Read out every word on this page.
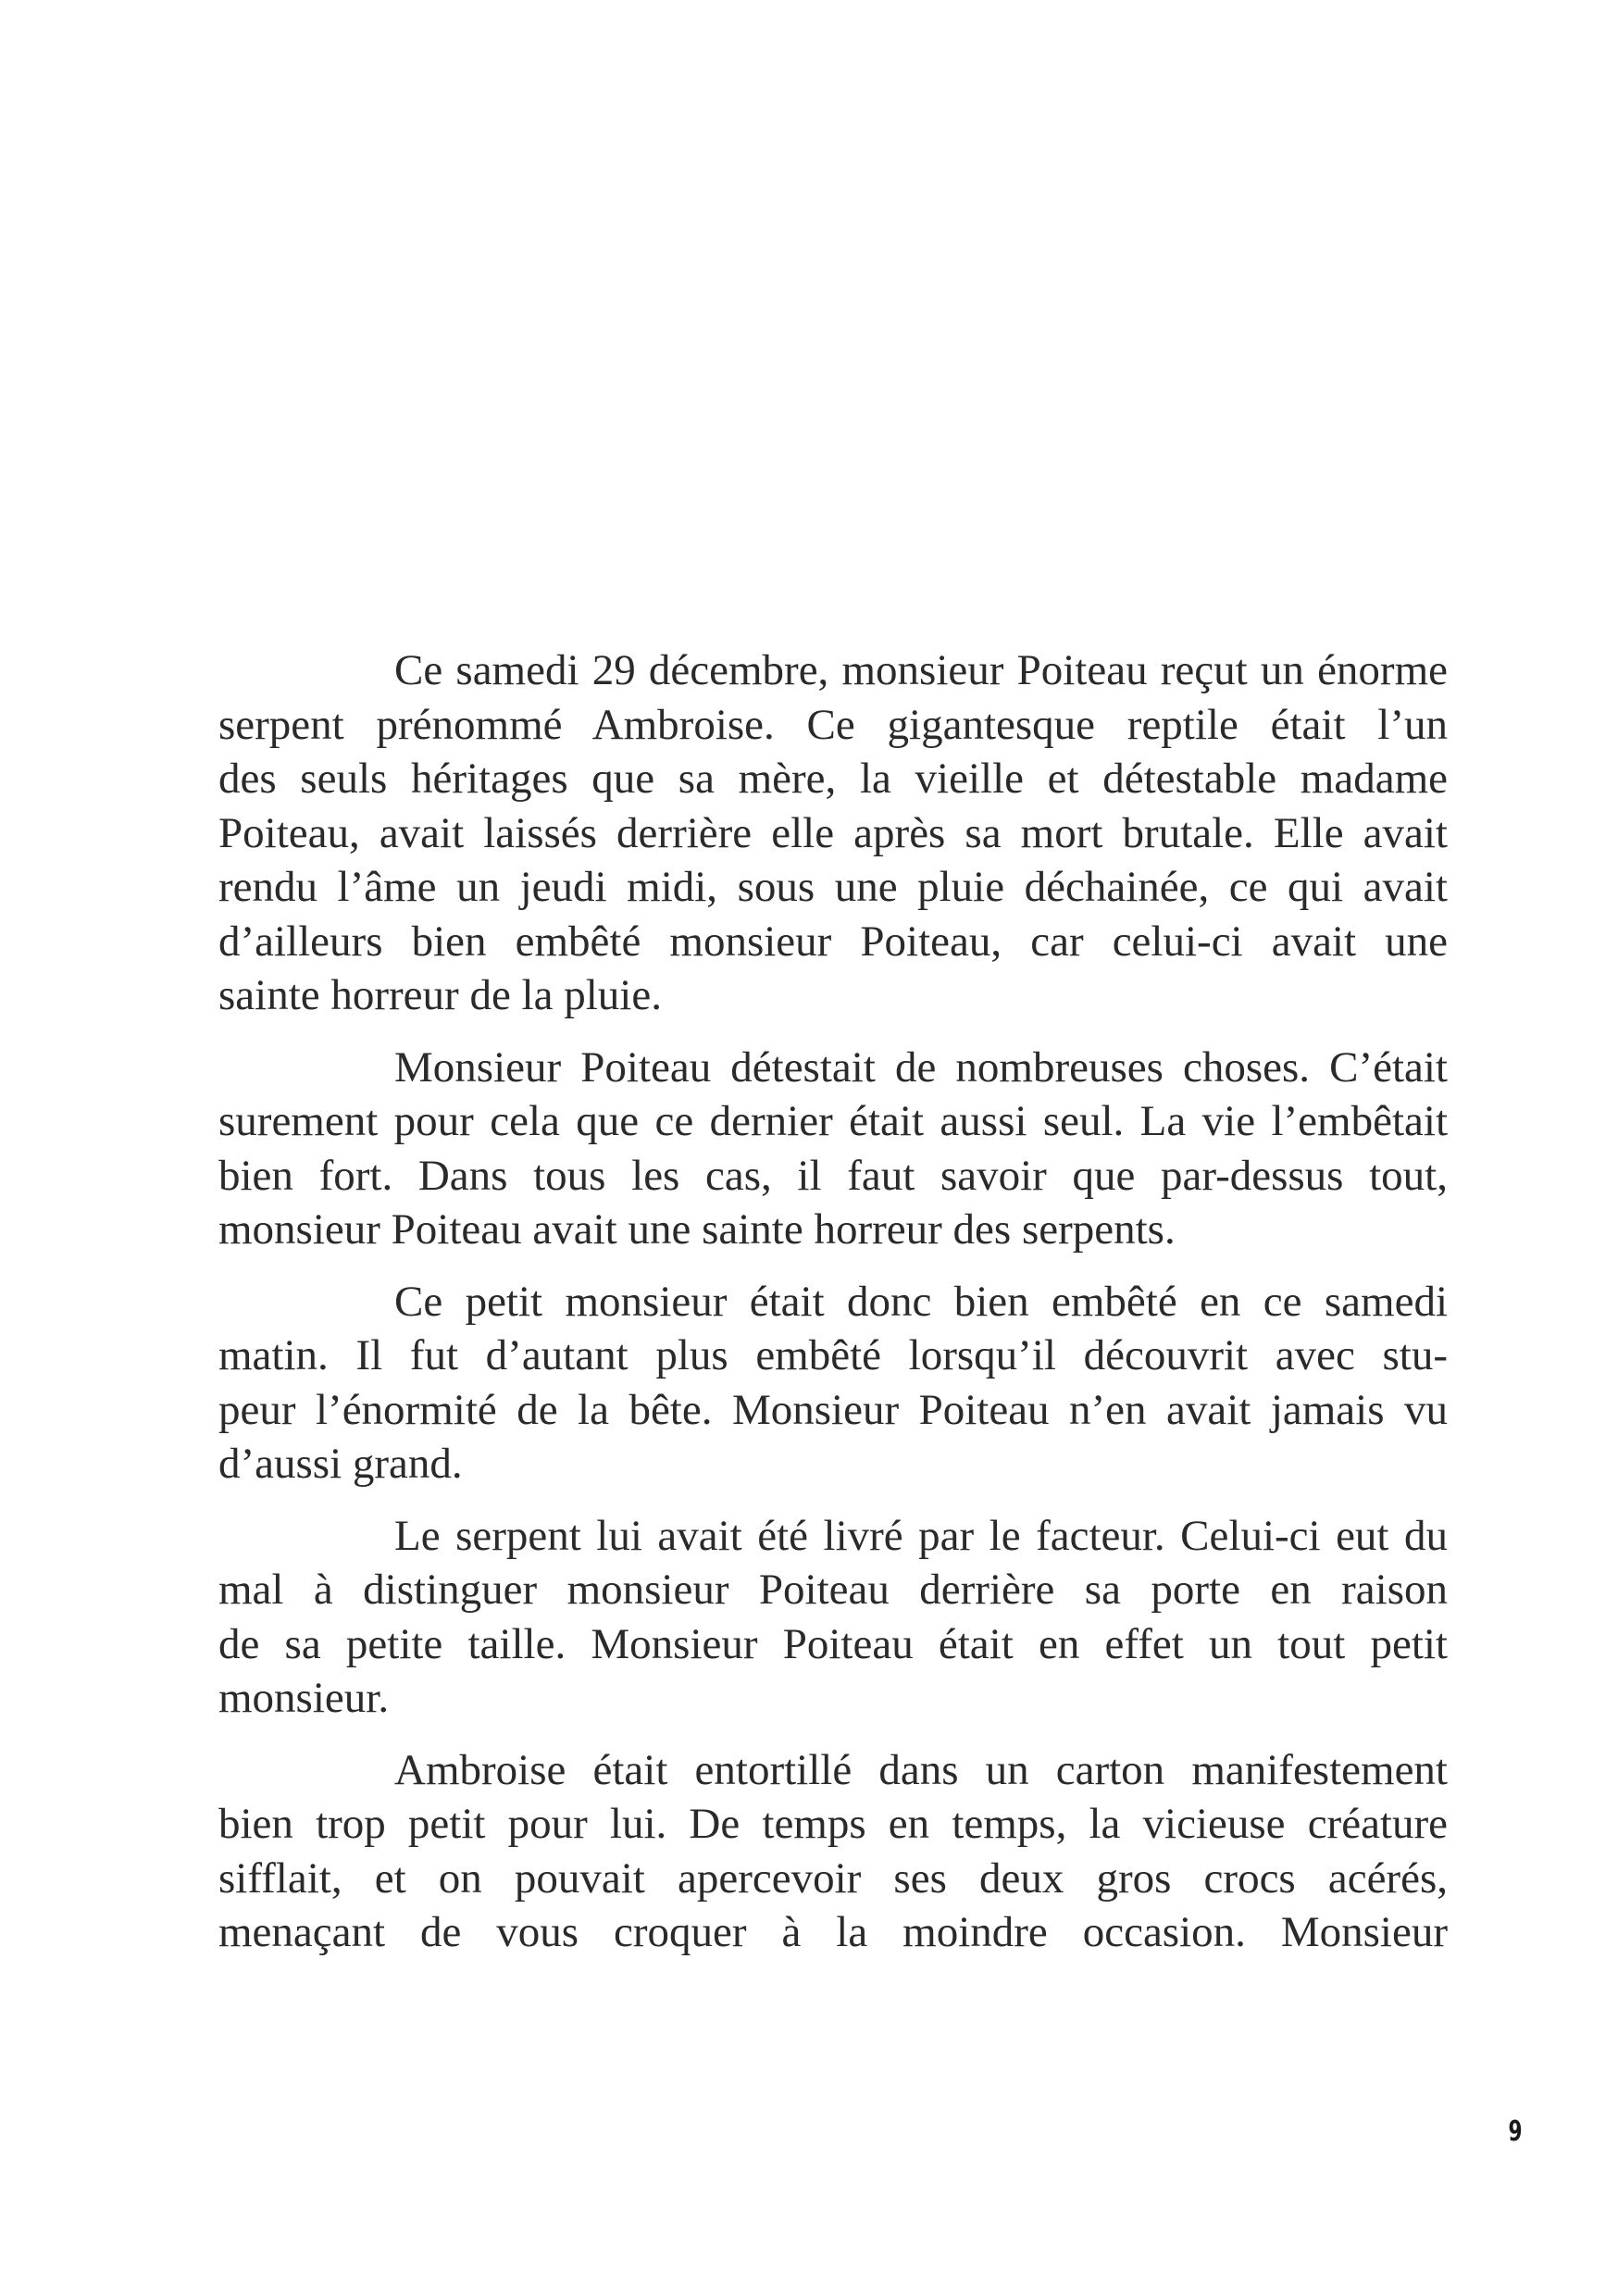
Ce samedi 29 décembre, monsieur Poiteau reçut un énorme
serpent prénommé Ambroise. Ce gigantesque reptile était l’un
des seuls héritages que sa mère, la vieille et détestable madame
Poiteau, avait laissés derrière elle après sa mort brutale. Elle avait
rendu l’âme un jeudi midi, sous une pluie déchainée, ce qui avait
d’ailleurs bien embêté monsieur Poiteau, car celui-ci avait une
sainte horreur de la pluie.

Monsieur Poiteau détestait de nombreuses choses. C’était
surement pour cela que ce dernier était aussi seul. La vie l’embêtait
bien fort. Dans tous les cas, il faut savoir que par-dessus tout,
monsieur Poiteau avait une sainte horreur des serpents.

Ce petit monsieur était donc bien embêté en ce samedi
matin. Il fut d’autant plus embêté lorsqu’il découvrit avec stu-
peur l’énormité de la bête. Monsieur Poiteau n’en avait jamais vu
d’aussi grand.

Le serpent lui avait été livré par le facteur. Celui-ci eut du
mal à distinguer monsieur Poiteau derrière sa porte en raison
de sa petite taille. Monsieur Poiteau était en effet un tout petit
monsieur.

Ambroise était entortillé dans un carton manifestement
bien trop petit pour lui. De temps en temps, la vicieuse créature
sifflait, et on pouvait apercevoir ses deux gros crocs acérés,
menaçant de vous croquer à la moindre occasion. Monsieur

9
